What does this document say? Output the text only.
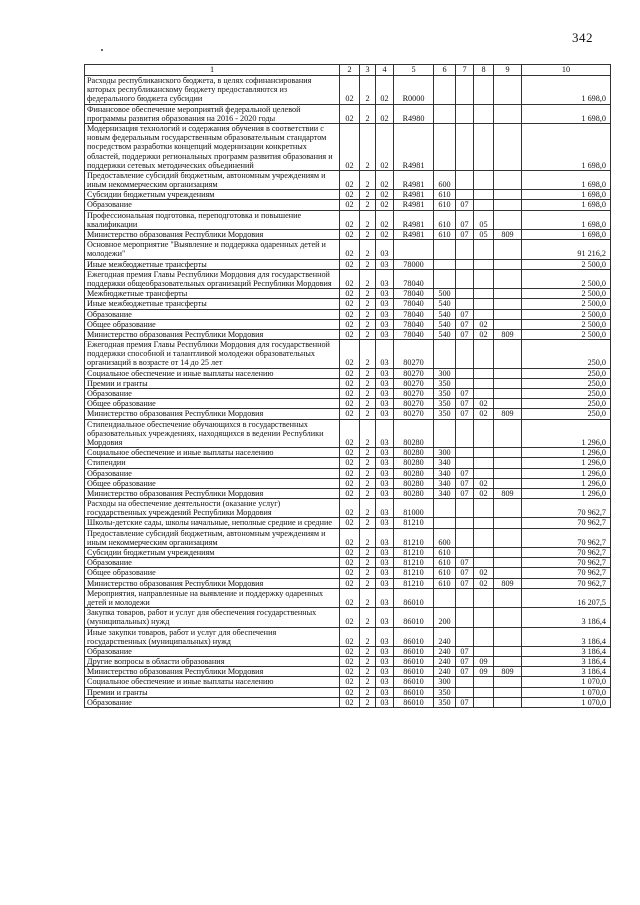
342
1	2	3	4	5	6	7	8	9	10
Расходы республиканского бюджета, в целях софинансирования которых республиканскому бюджету предоставляются из федерального бюджета субсидии	02	2	02	R0000					1 698,0
Финансовое обеспечение мероприятий федеральной целевой программы развития образования на 2016 - 2020 годы	02	2	02	R4980					1 698,0
Модернизация технологий и содержания обучения в соответствии с новым федеральным государственным образовательным стандартом посредством разработки концепций модернизации конкретных областей, поддержки региональных программ развития образования и поддержки сетевых методических объединений	02	2	02	R4981					1 698,0
Предоставление субсидий бюджетным, автономным учреждениям и иным некоммерческим организациям	02	2	02	R4981	600				1 698,0
Субсидии бюджетным учреждениям	02	2	02	R4981	610				1 698,0
Образование	02	2	02	R4981	610	07			1 698,0
Профессиональная подготовка, переподготовка и повышение квалификации	02	2	02	R4981	610	07	05		1 698,0
Министерство образования Республики Мордовия	02	2	02	R4981	610	07	05	809	1 698,0
Основное мероприятие "Выявление и поддержка одаренных детей и молодежи"	02	2	03						91 216,2
Иные межбюджетные трансферты	02	2	03	78000					2 500,0
Ежегодная премия Главы Республики Мордовия для государственной поддержки общеобразовательных организаций Республики Мордовия	02	2	03	78040					2 500,0
Межбюджетные трансферты	02	2	03	78040	500				2 500,0
Иные межбюджетные трансферты	02	2	03	78040	540				2 500,0
Образование	02	2	03	78040	540	07			2 500,0
Общее образование	02	2	03	78040	540	07	02		2 500,0
Министерство образования Республики Мордовия	02	2	03	78040	540	07	02	809	2 500,0
Ежегодная премия Главы Республики Мордовия для государственной поддержки способной и талантливой молодежи образовательных организаций в возрасте от 14 до 25 лет	02	2	03	80270					250,0
Социальное обеспечение и иные выплаты населению	02	2	03	80270	300				250,0
Премии и гранты	02	2	03	80270	350				250,0
Образование	02	2	03	80270	350	07			250,0
Общее образование	02	2	03	80270	350	07	02		250,0
Министерство образования Республики Мордовия	02	2	03	80270	350	07	02	809	250,0
Стипендиальное обеспечение обучающихся в государственных образовательных учреждениях, находящихся в ведении Республики Мордовия	02	2	03	80280					1 296,0
Социальное обеспечение и иные выплаты населению	02	2	03	80280	300				1 296,0
Стипендии	02	2	03	80280	340				1 296,0
Образование	02	2	03	80280	340	07			1 296,0
Общее образование	02	2	03	80280	340	07	02		1 296,0
Министерство образования Республики Мордовия	02	2	03	80280	340	07	02	809	1 296,0
Расходы на обеспечение деятельности (оказание услуг) государственных учреждений Республики Мордовия	02	2	03	81000					70 962,7
Школы-детские сады, школы начальные, неполные средние и средние	02	2	03	81210					70 962,7
Предоставление субсидий бюджетным, автономным учреждениям и иным некоммерческим организациям	02	2	03	81210	600				70 962,7
Субсидии бюджетным учреждениям	02	2	03	81210	610				70 962,7
Образование	02	2	03	81210	610	07			70 962,7
Общее образование	02	2	03	81210	610	07	02		70 962,7
Министерство образования Республики Мордовия	02	2	03	81210	610	07	02	809	70 962,7
Мероприятия, направленные на выявление и поддержку одаренных детей и молодежи	02	2	03	86010					16 207,5
Закупка товаров, работ и услуг для обеспечения государственных (муниципальных) нужд	02	2	03	86010	200				3 186,4
Иные закупки товаров, работ и услуг для обеспечения государственных (муниципальных) нужд	02	2	03	86010	240				3 186,4
Образование	02	2	03	86010	240	07			3 186,4
Другие вопросы в области образования	02	2	03	86010	240	07	09		3 186,4
Министерство образования Республики Мордовия	02	2	03	86010	240	07	09	809	3 186,4
Социальное обеспечение и иные выплаты населению	02	2	03	86010	300				1 070,0
Премии и гранты	02	2	03	86010	350				1 070,0
Образование	02	2	03	86010	350	07			1 070,0
